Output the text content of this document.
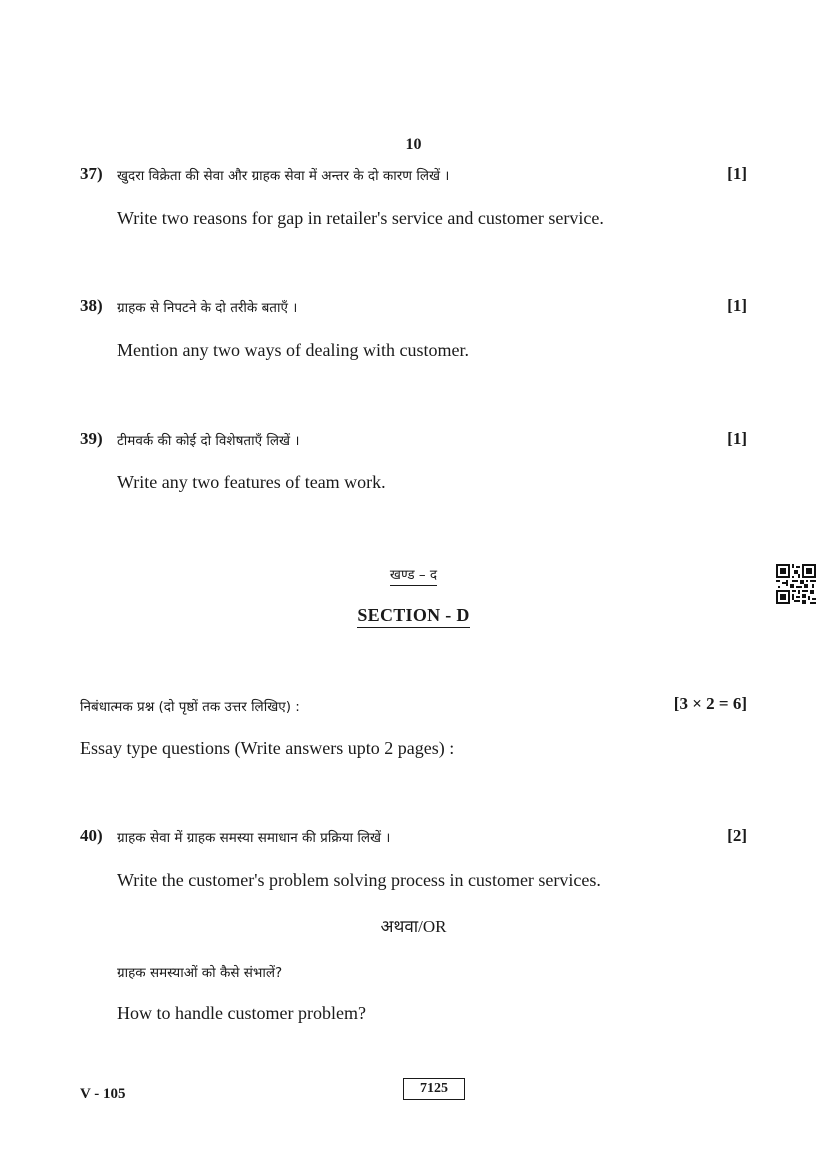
10
37) खुदरा विक्रेता की सेवा और ग्राहक सेवा में अन्तर के दो कारण लिखें ।	[1]
Write two reasons for gap in retailer's service and customer service.
38) ग्राहक से निपटने के दो तरीके बताएँ ।	[1]
Mention any two ways of dealing with customer.
39) टीमवर्क की कोई दो विशेषताएँ लिखें ।	[1]
Write any two features of team work.
खण्ड – द
SECTION - D
निबंधात्मक प्रश्न (दो पृष्ठों तक उत्तर लिखिए) :	[3 × 2 = 6]
Essay type questions (Write answers upto 2 pages) :
40) ग्राहक सेवा में ग्राहक समस्या समाधान की प्रक्रिया लिखें ।	[2]
Write the customer's problem solving process in customer services.
अथवा/OR
ग्राहक समस्याओं को कैसे संभालें?
How to handle customer problem?
V - 105	7125
